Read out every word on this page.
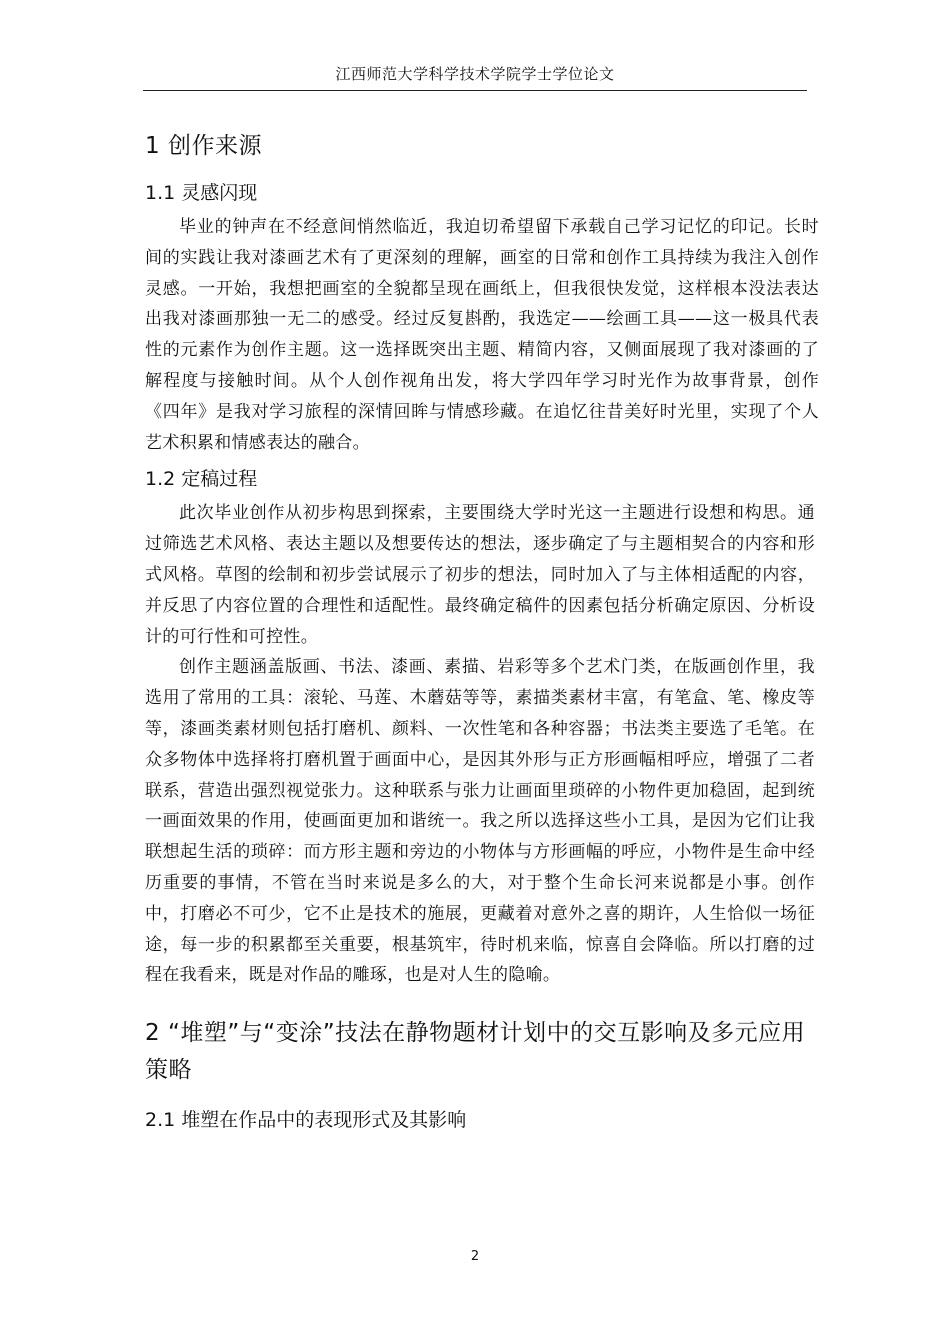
江西师范大学科学技术学院学士学位论文
1 创作来源
1.1 灵感闪现

毕业的钟声在不经意间悄然临近，我迫切希望留下承载自己学习记忆的印记。长时间的实践让我对漆画艺术有了更深刻的理解，画室的日常和创作工具持续为我注入创作灵感。一开始，我想把画室的全貌都呈现在画纸上，但我很快发觉，这样根本没法表达出我对漆画那独一无二的感受。经过反复斟酌，我选定——绘画工具——这一极具代表性的元素作为创作主题。这一选择既突出主题、精简内容，又侧面展现了我对漆画的了解程度与接触时间。从个人创作视角出发，将大学四年学习时光作为故事背景，创作《四年》是我对学习旅程的深情回眸与情感珍藏。在追忆往昔美好时光里，实现了个人艺术积累和情感表达的融合。

1.2 定稿过程

此次毕业创作从初步构思到探索，主要围绕大学时光这一主题进行设想和构思。通过筛选艺术风格、表达主题以及想要传达的想法，逐步确定了与主题相契合的内容和形式风格。草图的绘制和初步尝试展示了初步的想法，同时加入了与主体相适配的内容，并反思了内容位置的合理性和适配性。最终确定稿件的因素包括分析确定原因、分析设计的可行性和可控性。

创作主题涵盖版画、书法、漆画、素描、岩彩等多个艺术门类，在版画创作里，我选用了常用的工具：滚轮、马莲、木蘑菇等等，素描类素材丰富，有笔盒、笔、橡皮等等，漆画类素材则包括打磨机、颜料、一次性笔和各种容器；书法类主要选了毛笔。在众多物体中选择将打磨机置于画面中心，是因其外形与正方形画幅相呼应，增强了二者联系，营造出强烈视觉张力。这种联系与张力让画面里琐碎的小物件更加稳固，起到统一画面效果的作用，使画面更加和谐统一。我之所以选择这些小工具，是因为它们让我联想起生活的琐碎：而方形主题和旁边的小物体与方形画幅的呼应，小物件是生命中经历重要的事情，不管在当时来说是多么的大，对于整个生命长河来说都是小事。创作中，打磨必不可少，它不止是技术的施展，更藏着对意外之喜的期许，人生恰似一场征途，每一步的积累都至关重要，根基筑牢，待时机来临，惊喜自会降临。所以打磨的过程在我看来，既是对作品的雕琢，也是对人生的隐喻。

2 “堆塑”与“变涂”技法在静物题材计划中的交互影响及多元应用策略
2.1 堆塑在作品中的表现形式及其影响
2
